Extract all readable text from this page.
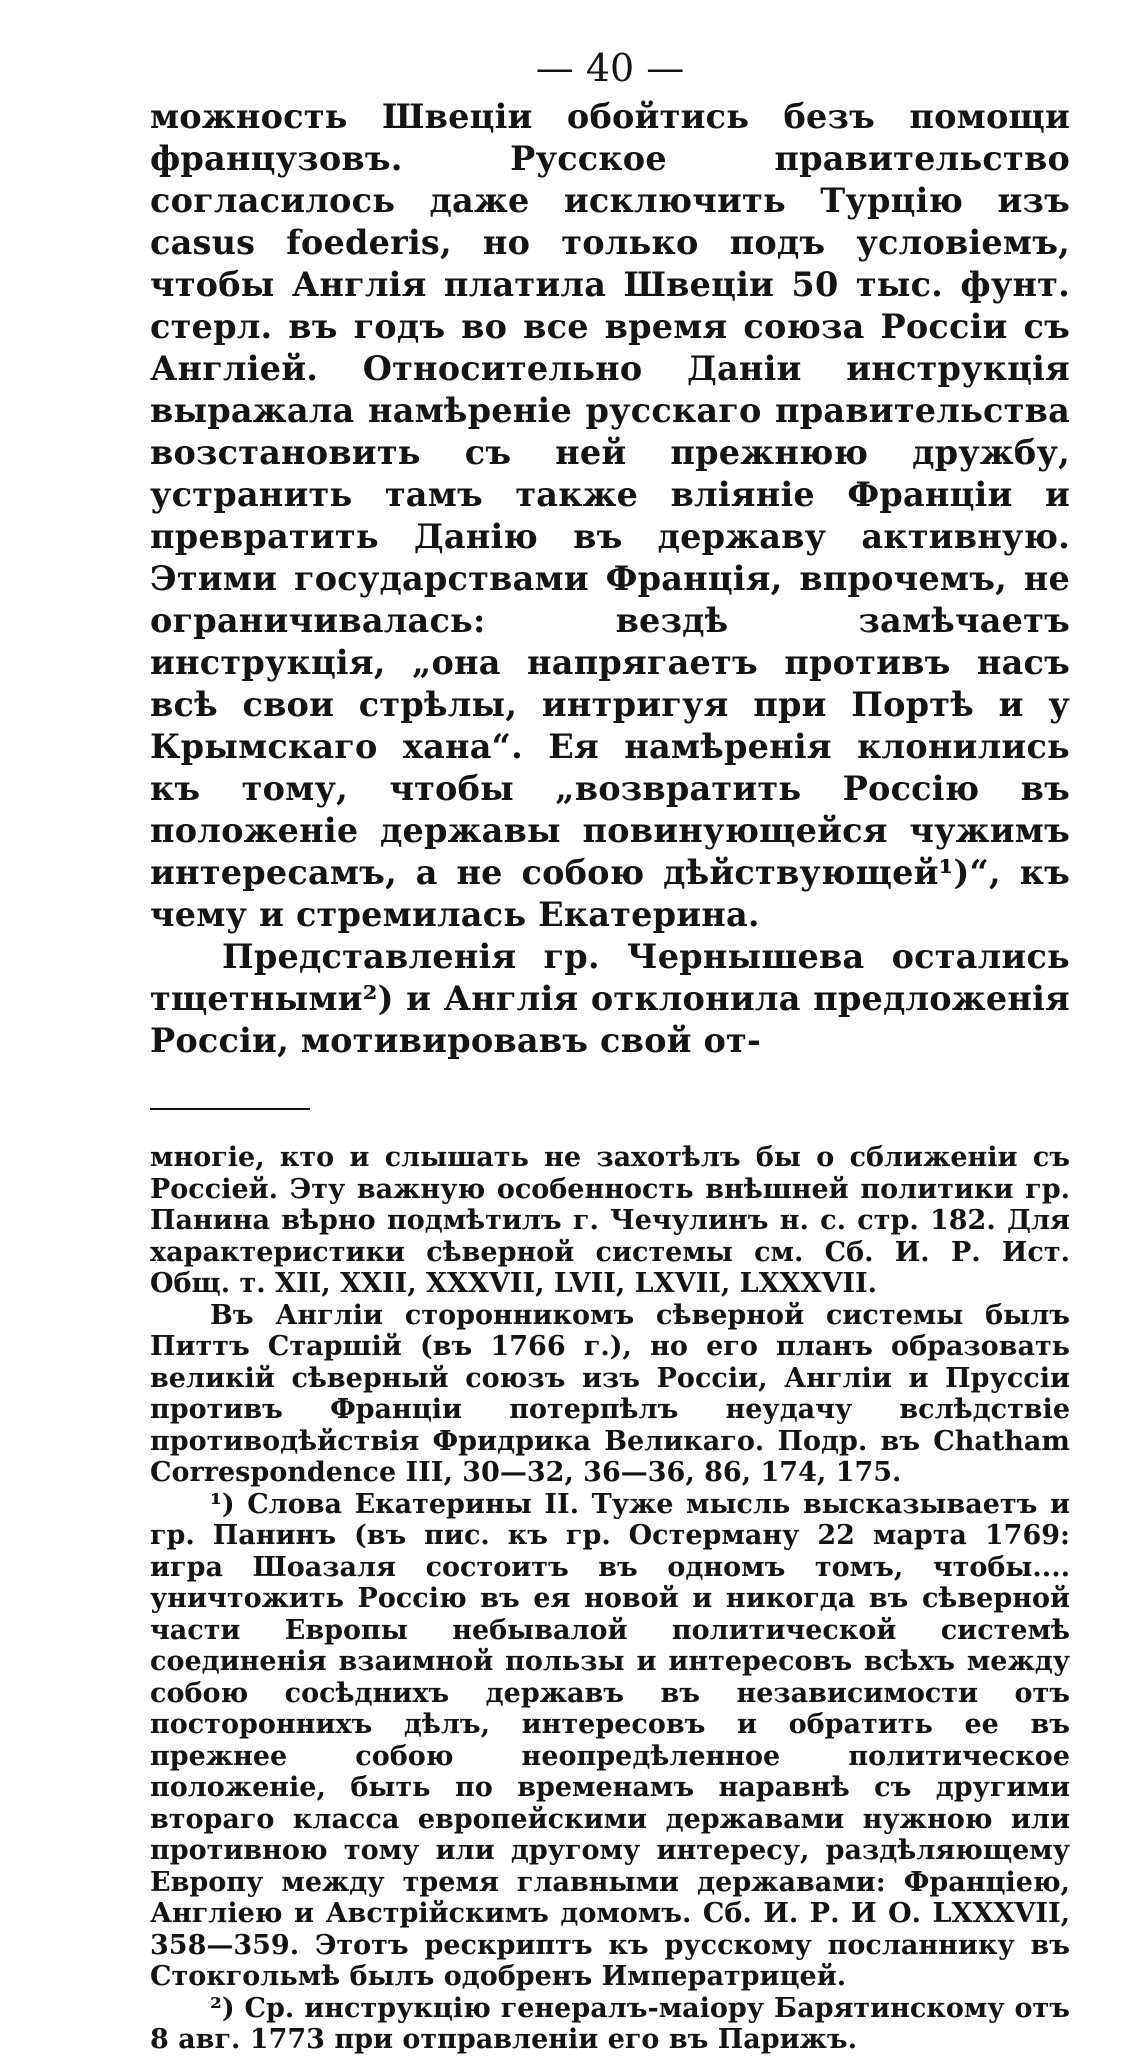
— 40 —

можность Швецiи обойтись безъ помощи французовъ. Русское правительство согласилось даже исключить Турцiю изъ casus foederis, но только подъ условiемъ, чтобы Англiя платила Швецiи 50 тыс. фунт. стерл. въ годъ во все время союза Россiи съ Англiей. Относительно Данiи инструкцiя выражала намѣренiе русскаго правительства возстановить съ ней прежнюю дружбу, устранить тамъ также влiянiе Францiи и превратить Данiю въ державу активную. Этими государствами Францiя, впрочемъ, не ограничивалась: вездѣ замѣчаетъ инструкцiя, „она напрягаетъ противъ насъ всѣ свои стрѣлы, интригуя при Портѣ и у Крымскаго хана“. Ея намѣренiя клонились къ тому, чтобы „возвратить Россiю въ положенiе державы повинующейся чужимъ интересамъ, а не собою дѣйствующей¹)“, къ чему и стремилась Екатерина.

Представленiя гр. Чернышева остались тщетными²) и Англiя отклонила предложенiя Россiи, мотивировавъ свой от-

многiе, кто и слышать не захотѣлъ бы о сближенiи съ Россiей. Эту важную особенность внѣшней политики гр. Панина вѣрно подмѣтилъ г. Чечулинъ н. с. стр. 182. Для характеристики сѣверной системы см. Сб. И. Р. Ист. Общ. т. XII, XXII, XXXVII, LVII, LXVII, LXXXVII.

Въ Англiи сторонникомъ сѣверной системы былъ Питтъ Старшiй (въ 1766 г.), но его планъ образовать великiй сѣверный союзъ изъ Россiи, Англiи и Пруссiи противъ Францiи потерпѣлъ неудачу вслѣдствiе противодѣйствiя Фридрика Великаго. Подр. въ Chatham Correspondence III, 30—32, 36—36, 86, 174, 175.

¹) Слова Екатерины II. Туже мысль высказываетъ и гр. Панинъ (въ пис. къ гр. Остерману 22 марта 1769: игра Шоазаля состоитъ въ одномъ томъ, чтобы.... уничтожить Россiю въ ея новой и никогда въ сѣверной части Европы небывалой политической системѣ соединенiя взаимной пользы и интересовъ всѣхъ между собою сосѣднихъ державъ въ независимости отъ постороннихъ дѣлъ, интересовъ и обратить ее въ прежнее собою неопредѣленное политическое положенiе, быть по временамъ наравнѣ съ другими втораго класса европейскими державами нужною или противною тому или другому интересу, раздѣляющему Европу между тремя главными державами: Францiею, Англiею и Австрiйскимъ домомъ. Сб. И. Р. И О. LXXXVII, 358—359. Этотъ рескриптъ къ русскому посланнику въ Стокгольмѣ былъ одобренъ Императрицей.

²) Ср. инструкцiю генералъ-маiору Барятинскому отъ 8 авг. 1773 при отправленiи его въ Парижъ.
